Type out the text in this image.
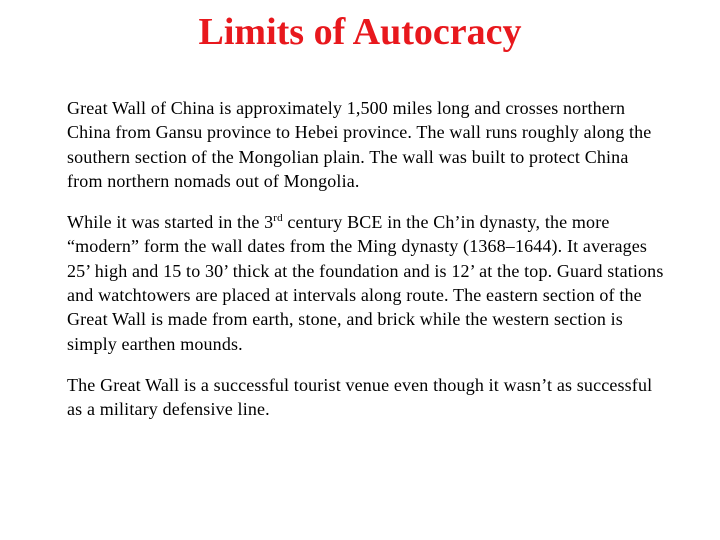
Limits of Autocracy

Great Wall of China is approximately 1,500 miles long and crosses northern China from Gansu province to Hebei province. The wall runs roughly along the southern section of the Mongolian plain. The wall was built to protect China from northern nomads out of Mongolia.

While it was started in the 3rd century BCE in the Ch’in dynasty, the more “modern” form the wall dates from the Ming dynasty (1368–1644). It averages 25’ high and 15 to 30’ thick at the foundation and is 12’ at the top. Guard stations and watchtowers are placed at intervals along route. The eastern section of the Great Wall is made from earth, stone, and brick while the western section is simply earthen mounds.

The Great Wall is a successful tourist venue even though it wasn’t as successful as a military defensive line.
